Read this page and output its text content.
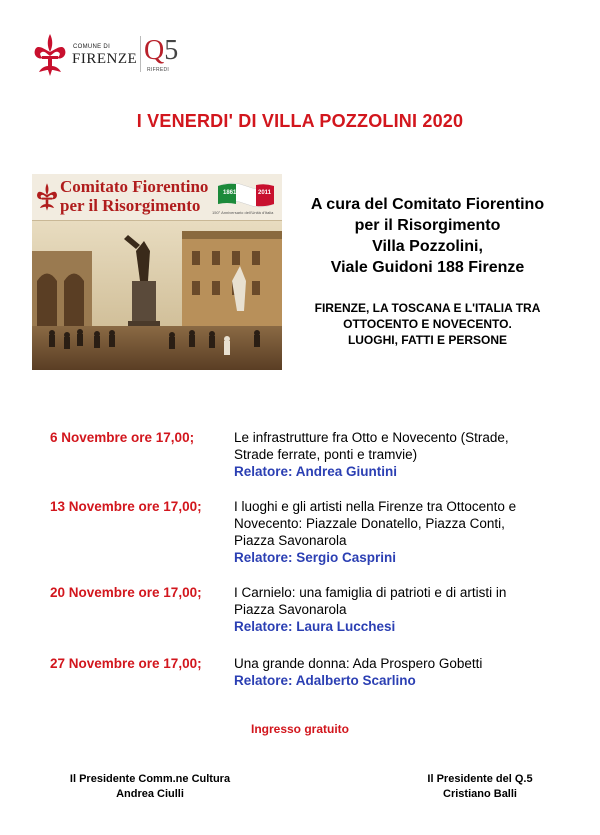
COMUNE DI
FIRENZE Q5
RIFREDI
I VENERDI' DI VILLA POZZOLINI 2020
Comitato Fiorentino
per il Risorgimento
1861	2011
150° Anniversario dell'Unità d'Italia	A cura del Comitato Fiorentino
per il Risorgimento
Villa Pozzolini,
Viale Guidoni 188 Firenze
FIRENZE, LA TOSCANA E L'ITALIA TRA
OTTOCENTO E NOVECENTO.
LUOGHI, FATTI E PERSONE
6 Novembre ore 17,00;	Le infrastrutture fra Otto e Novecento (Strade,
Strade ferrate, ponti e tramvie)
Relatore: Andrea Giuntini
13 Novembre ore 17,00; I luoghi e gli artisti nella Firenze tra Ottocento e
Novecento: Piazzale Donatello, Piazza Conti,
Piazza Savonarola
Relatore: Sergio Casprini
20 Novembre ore 17,00; I Carnielo: una famiglia di patrioti e di artisti in
Piazza Savonarola
Relatore: Laura Lucchesi
27 Novembre ore 17,00; Una grande donna: Ada Prospero Gobetti
Relatore: Adalberto Scarlino
Ingresso gratuito
Il Presidente Comm.ne Cultura
Andrea Ciulli
Il Presidente del Q.5
Cristiano Balli
